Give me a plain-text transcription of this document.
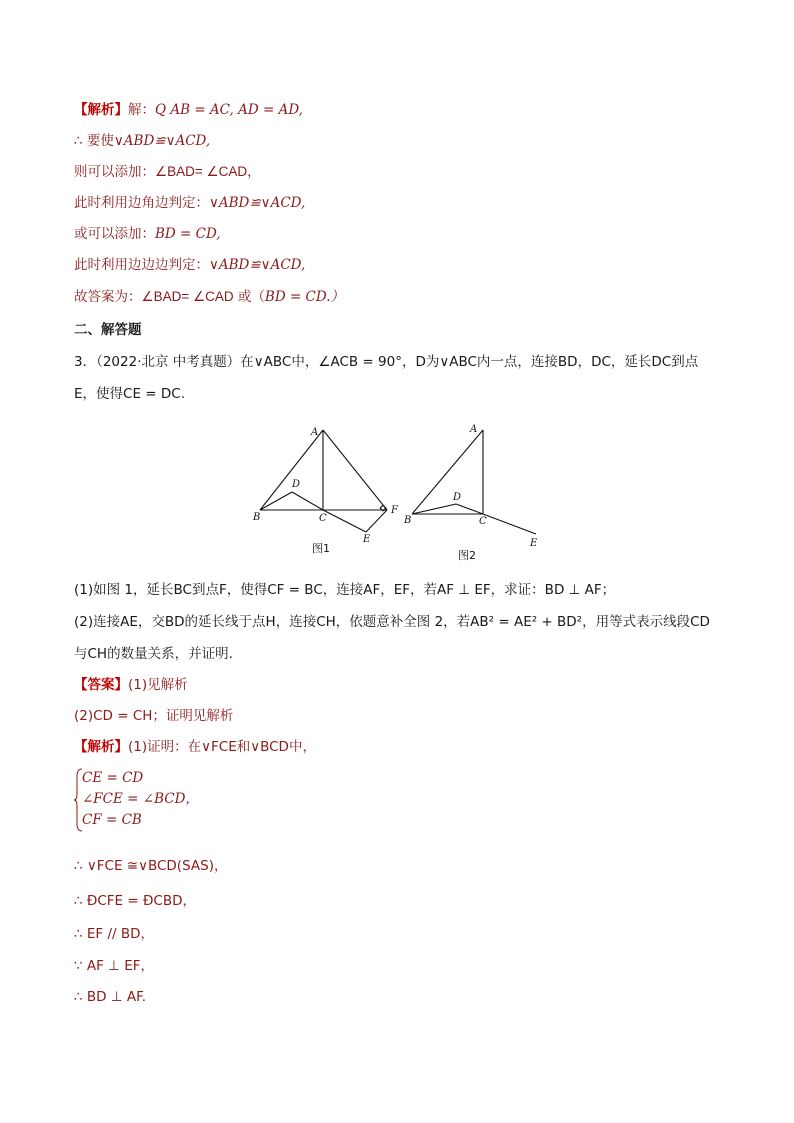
【解析】解：Q AB = AC, AD = AD,
∴ 要使∨ABD≌∨ACD,
则可以添加：∠BAD= ∠CAD，
此时利用边角边判定：∨ABD≌∨ACD,
或可以添加：BD = CD,
此时利用边边边判定：∨ABD≌∨ACD,
故答案为：∠BAD= ∠CAD 或（BD = CD.）
二、解答题
3．（2022·北京 中考真题）在∨ABC中，∠ACB = 90°，D为∨ABC内一点，连接BD，DC，延长DC到点
E，使得CE = DC.
A
B	C
D
E
F
A
B	C
D
E
图1
图2
(1)如图 1，延长BC到点F，使得CF = BC，连接AF，EF，若AF ⊥ EF，求证：BD ⊥ AF；
(2)连接AE，交BD的延长线于点H，连接CH，依题意补全图 2，若AB² = AE² + BD²，用等式表示线段CD
与CH的数量关系，并证明.
【答案】(1)见解析
(2)CD = CH；证明见解析
【解析】(1)证明：在∨FCE和∨BCD中，
CE = CD
∠FCE = ∠BCD，
CF = CB
∴ ∨FCE ≅∨BCD(SAS)，
∴ ÐCFE = ÐCBD，
∴ EF // BD，
∵ AF ⊥ EF，
∴ BD ⊥ AF.
